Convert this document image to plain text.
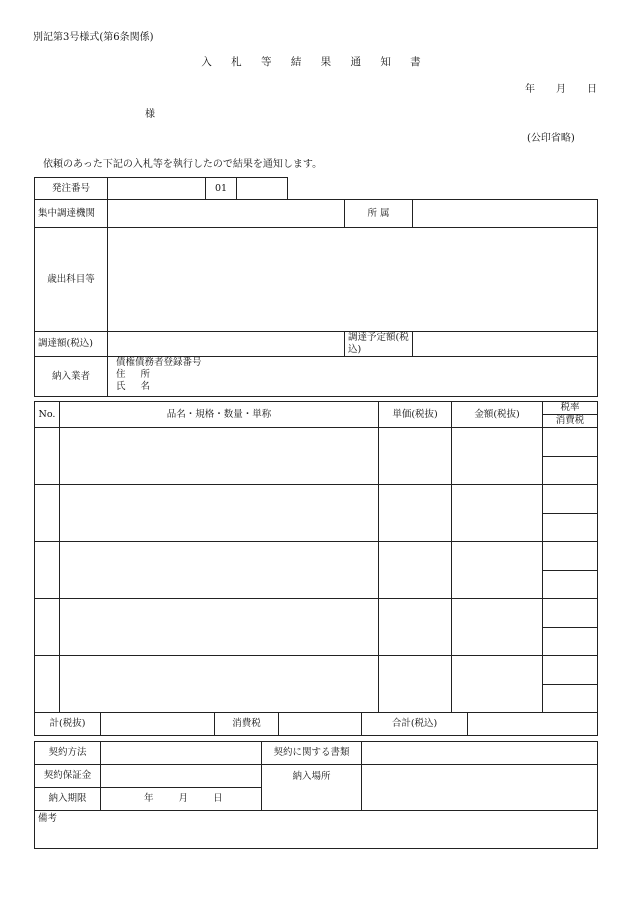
別記第3号様式(第6条関係)
入 札 等 結 果 通 知 書
年 月 日
様
(公印省略)
依頼のあった下記の入札等を執行したので結果を通知します。
発注番号		01	
集中調達機関		所 属	
歳出科目等			
調達額(税込)		調達予定額(税込)	
納入業者	債権債務者登録番号
住 所
氏 名		
No.	品名・規格・数量・単称	単価(税抜)	金額(税抜)	
税率
消費税

計(税抜)		消費税		合計(税込)	
契約方法		契約に関する書類	
契約保証金		納入場所	
納入期限	年 月 日		
備考			
